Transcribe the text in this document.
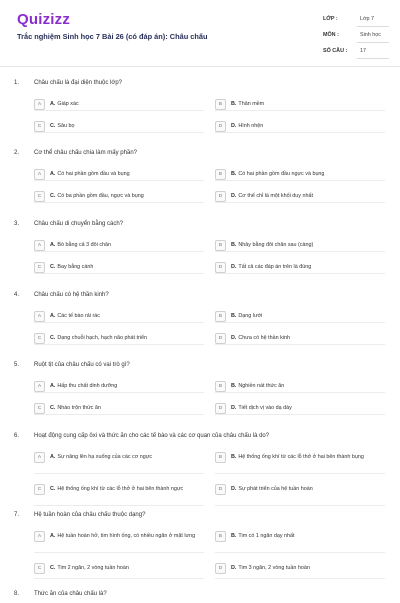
Quizizz
Trắc nghiệm Sinh học 7 Bài 26 (có đáp án): Châu chấu
LỚP :	Lớp 7
MÔN :	Sinh học
SỐ CÂU : 17
1. Châu chấu là đại diện thuộc lớp?
A	A. Giáp xác	B	B. Thân mềm
C	C. Sâu bọ	D	D. Hình nhện
2. Cơ thể châu chấu chia làm mấy phần?
A	A. Có hai phần gồm đầu và bụng	B	B. Có hai phần gồm đầu ngực và bụng
C	C. Có ba phần gồm đầu, ngực và bụng	D	D. Cơ thể chỉ là một khối duy nhất
3. Châu chấu di chuyển bằng cách?
A	A. Bò bằng cả 3 đôi chân	B	B. Nhảy bằng đôi chân sau (càng)
C	C. Bay bằng cánh	D	D. Tất cả các đáp án trên là đúng
4. Châu chấu có hệ thần kinh?
A	A. Các tế bào rải rác	B	B. Dạng lưới
C	C. Dạng chuỗi hạch, hạch não phát triển	D	D. Chưa có hệ thần kinh
5. Ruột tịt của châu chấu có vai trò gì?
A	A. Hấp thu chất dinh dưỡng	B	B. Nghiền nát thức ăn
C	C. Nhào trộn thức ăn	D	D. Tiết dịch vị vào dạ dày
6. Hoạt động cung cấp ôxi và thức ăn cho các tế bào và các cơ quan của châu chấu là do?
A	A. Sự nâng lên hạ xuống của các cơ ngực	B	B. Hệ thống ống khí từ các lỗ thở ở hai bên thành bụng
C	C. Hệ thống ống khí từ các lỗ thở ở hai bên thành ngực	D	D. Sự phát triển của hệ tuần hoàn
7. Hệ tuần hoàn của châu chấu thuộc dạng?
A	A. Hệ tuần hoàn hở, tim hình ống, có nhiều ngăn ở mặt lưng	B	B. Tim có 1 ngăn dạy nhất
C	C. Tim 2 ngăn, 2 vòng tuần hoàn	D	D. Tim 3 ngăn, 2 vòng tuần hoàn
8. Thức ăn của châu chấu là?
